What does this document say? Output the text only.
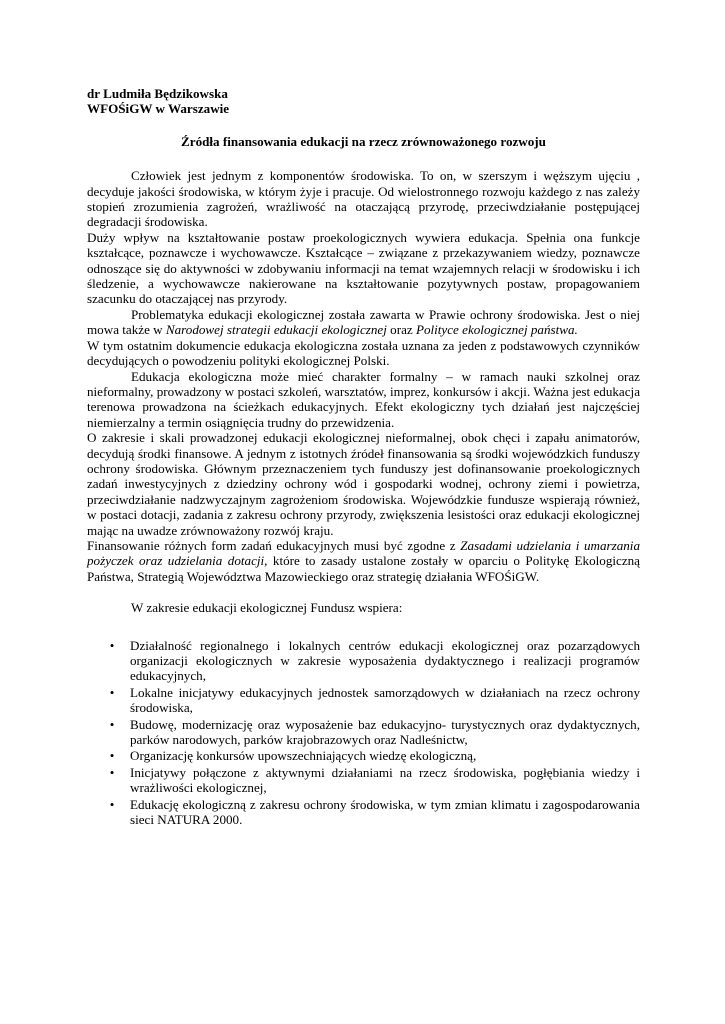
dr Ludmiła Będzikowska
WFOŚiGW w Warszawie
Źródła finansowania edukacji na rzecz zrównoważonego rozwoju

Człowiek jest jednym z komponentów środowiska. To on, w szerszym i węższym ujęciu , decyduje jakości środowiska, w którym żyje i pracuje. Od wielostronnego rozwoju każdego z nas zależy stopień zrozumienia zagrożeń, wrażliwość na otaczającą przyrodę, przeciwdziałanie postępującej degradacji środowiska.

Duży wpływ na kształtowanie postaw proekologicznych wywiera edukacja. Spełnia ona funkcje kształcące, poznawcze i wychowawcze. Kształcące – związane z przekazywaniem wiedzy, poznawcze odnoszące się do aktywności w zdobywaniu informacji na temat wzajemnych relacji w środowisku i ich śledzenie, a wychowawcze nakierowane na kształtowanie pozytywnych postaw, propagowaniem szacunku do otaczającej nas przyrody.

Problematyka edukacji ekologicznej została zawarta w Prawie ochrony środowiska. Jest o niej mowa także w Narodowej strategii edukacji ekologicznej oraz Polityce ekologicznej państwa.

W tym ostatnim dokumencie edukacja ekologiczna została uznana za jeden z podstawowych czynników decydujących o powodzeniu polityki ekologicznej Polski.

Edukacja ekologiczna może mieć charakter formalny – w ramach nauki szkolnej oraz nieformalny, prowadzony w postaci szkoleń, warsztatów, imprez, konkursów i akcji. Ważna jest edukacja terenowa prowadzona na ścieżkach edukacyjnych. Efekt ekologiczny tych działań jest najczęściej niemierzalny a termin osiągnięcia trudny do przewidzenia.

O zakresie i skali prowadzonej edukacji ekologicznej nieformalnej, obok chęci i zapału animatorów, decydują środki finansowe. A jednym z istotnych źródeł finansowania są środki wojewódzkich funduszy ochrony środowiska. Głównym przeznaczeniem tych funduszy jest dofinansowanie proekologicznych zadań inwestycyjnych z dziedziny ochrony wód i gospodarki wodnej, ochrony ziemi i powietrza, przeciwdziałanie nadzwyczajnym zagrożeniom środowiska. Wojewódzkie fundusze wspierają również, w postaci dotacji, zadania z zakresu ochrony przyrody, zwiększenia lesistości oraz edukacji ekologicznej mając na uwadze zrównoważony rozwój kraju.

Finansowanie różnych form zadań edukacyjnych musi być zgodne z Zasadami udzielania i umarzania pożyczek oraz udzielania dotacji, które to zasady ustalone zostały w oparciu o Politykę Ekologiczną Państwa, Strategią Województwa Mazowieckiego oraz strategię działania WFOŚiGW.

W zakresie edukacji ekologicznej Fundusz wspiera:

• Działalność regionalnego i lokalnych centrów edukacji ekologicznej oraz pozarządowych organizacji ekologicznych w zakresie wyposażenia dydaktycznego i realizacji programów edukacyjnych,
• Lokalne inicjatywy edukacyjnych jednostek samorządowych w działaniach na rzecz ochrony środowiska,
• Budowę, modernizację oraz wyposażenie baz edukacyjno- turystycznych oraz dydaktycznych, parków narodowych, parków krajobrazowych oraz Nadleśnictw,
• Organizację konkursów upowszechniających wiedzę ekologiczną,
• Inicjatywy połączone z aktywnymi działaniami na rzecz środowiska, pogłębiania wiedzy i wrażliwości ekologicznej,
• Edukację ekologiczną z zakresu ochrony środowiska, w tym zmian klimatu i zagospodarowania sieci NATURA 2000.
